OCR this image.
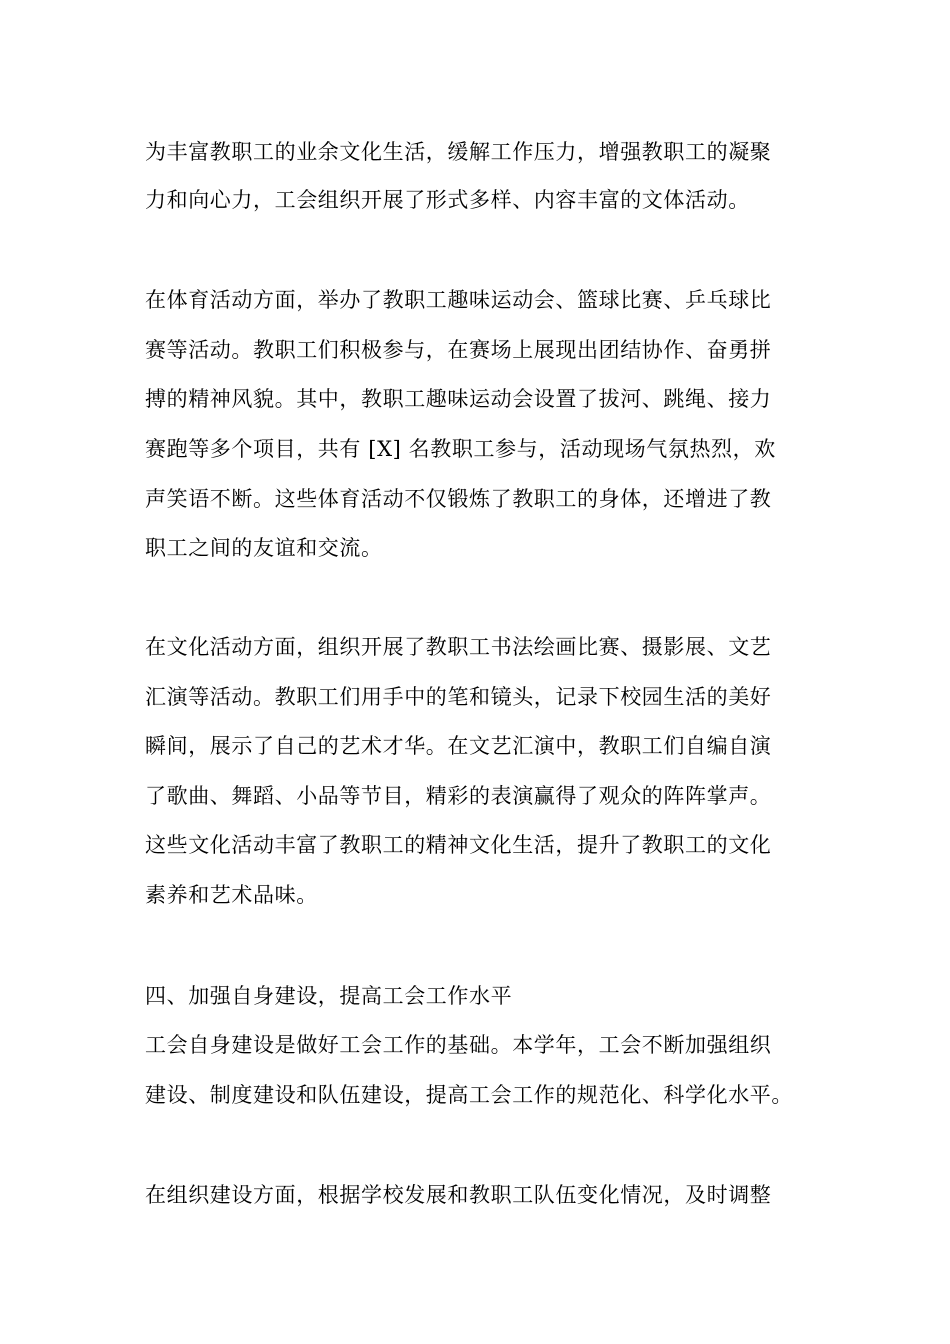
为丰富教职工的业余文化生活，缓解工作压力，增强教职工的凝聚
力和向心力，工会组织开展了形式多样、内容丰富的文体活动。
在体育活动方面，举办了教职工趣味运动会、篮球比赛、乒乓球比
赛等活动。教职工们积极参与，在赛场上展现出团结协作、奋勇拼
搏的精神风貌。其中，教职工趣味运动会设置了拔河、跳绳、接力
赛跑等多个项目，共有 [X] 名教职工参与，活动现场气氛热烈，欢
声笑语不断。这些体育活动不仅锻炼了教职工的身体，还增进了教
职工之间的友谊和交流。
在文化活动方面，组织开展了教职工书法绘画比赛、摄影展、文艺
汇演等活动。教职工们用手中的笔和镜头，记录下校园生活的美好
瞬间，展示了自己的艺术才华。在文艺汇演中，教职工们自编自演
了歌曲、舞蹈、小品等节目，精彩的表演赢得了观众的阵阵掌声。
这些文化活动丰富了教职工的精神文化生活，提升了教职工的文化
素养和艺术品味。
四、加强自身建设，提高工会工作水平
工会自身建设是做好工会工作的基础。本学年，工会不断加强组织
建设、制度建设和队伍建设，提高工会工作的规范化、科学化水平。
在组织建设方面，根据学校发展和教职工队伍变化情况，及时调整
